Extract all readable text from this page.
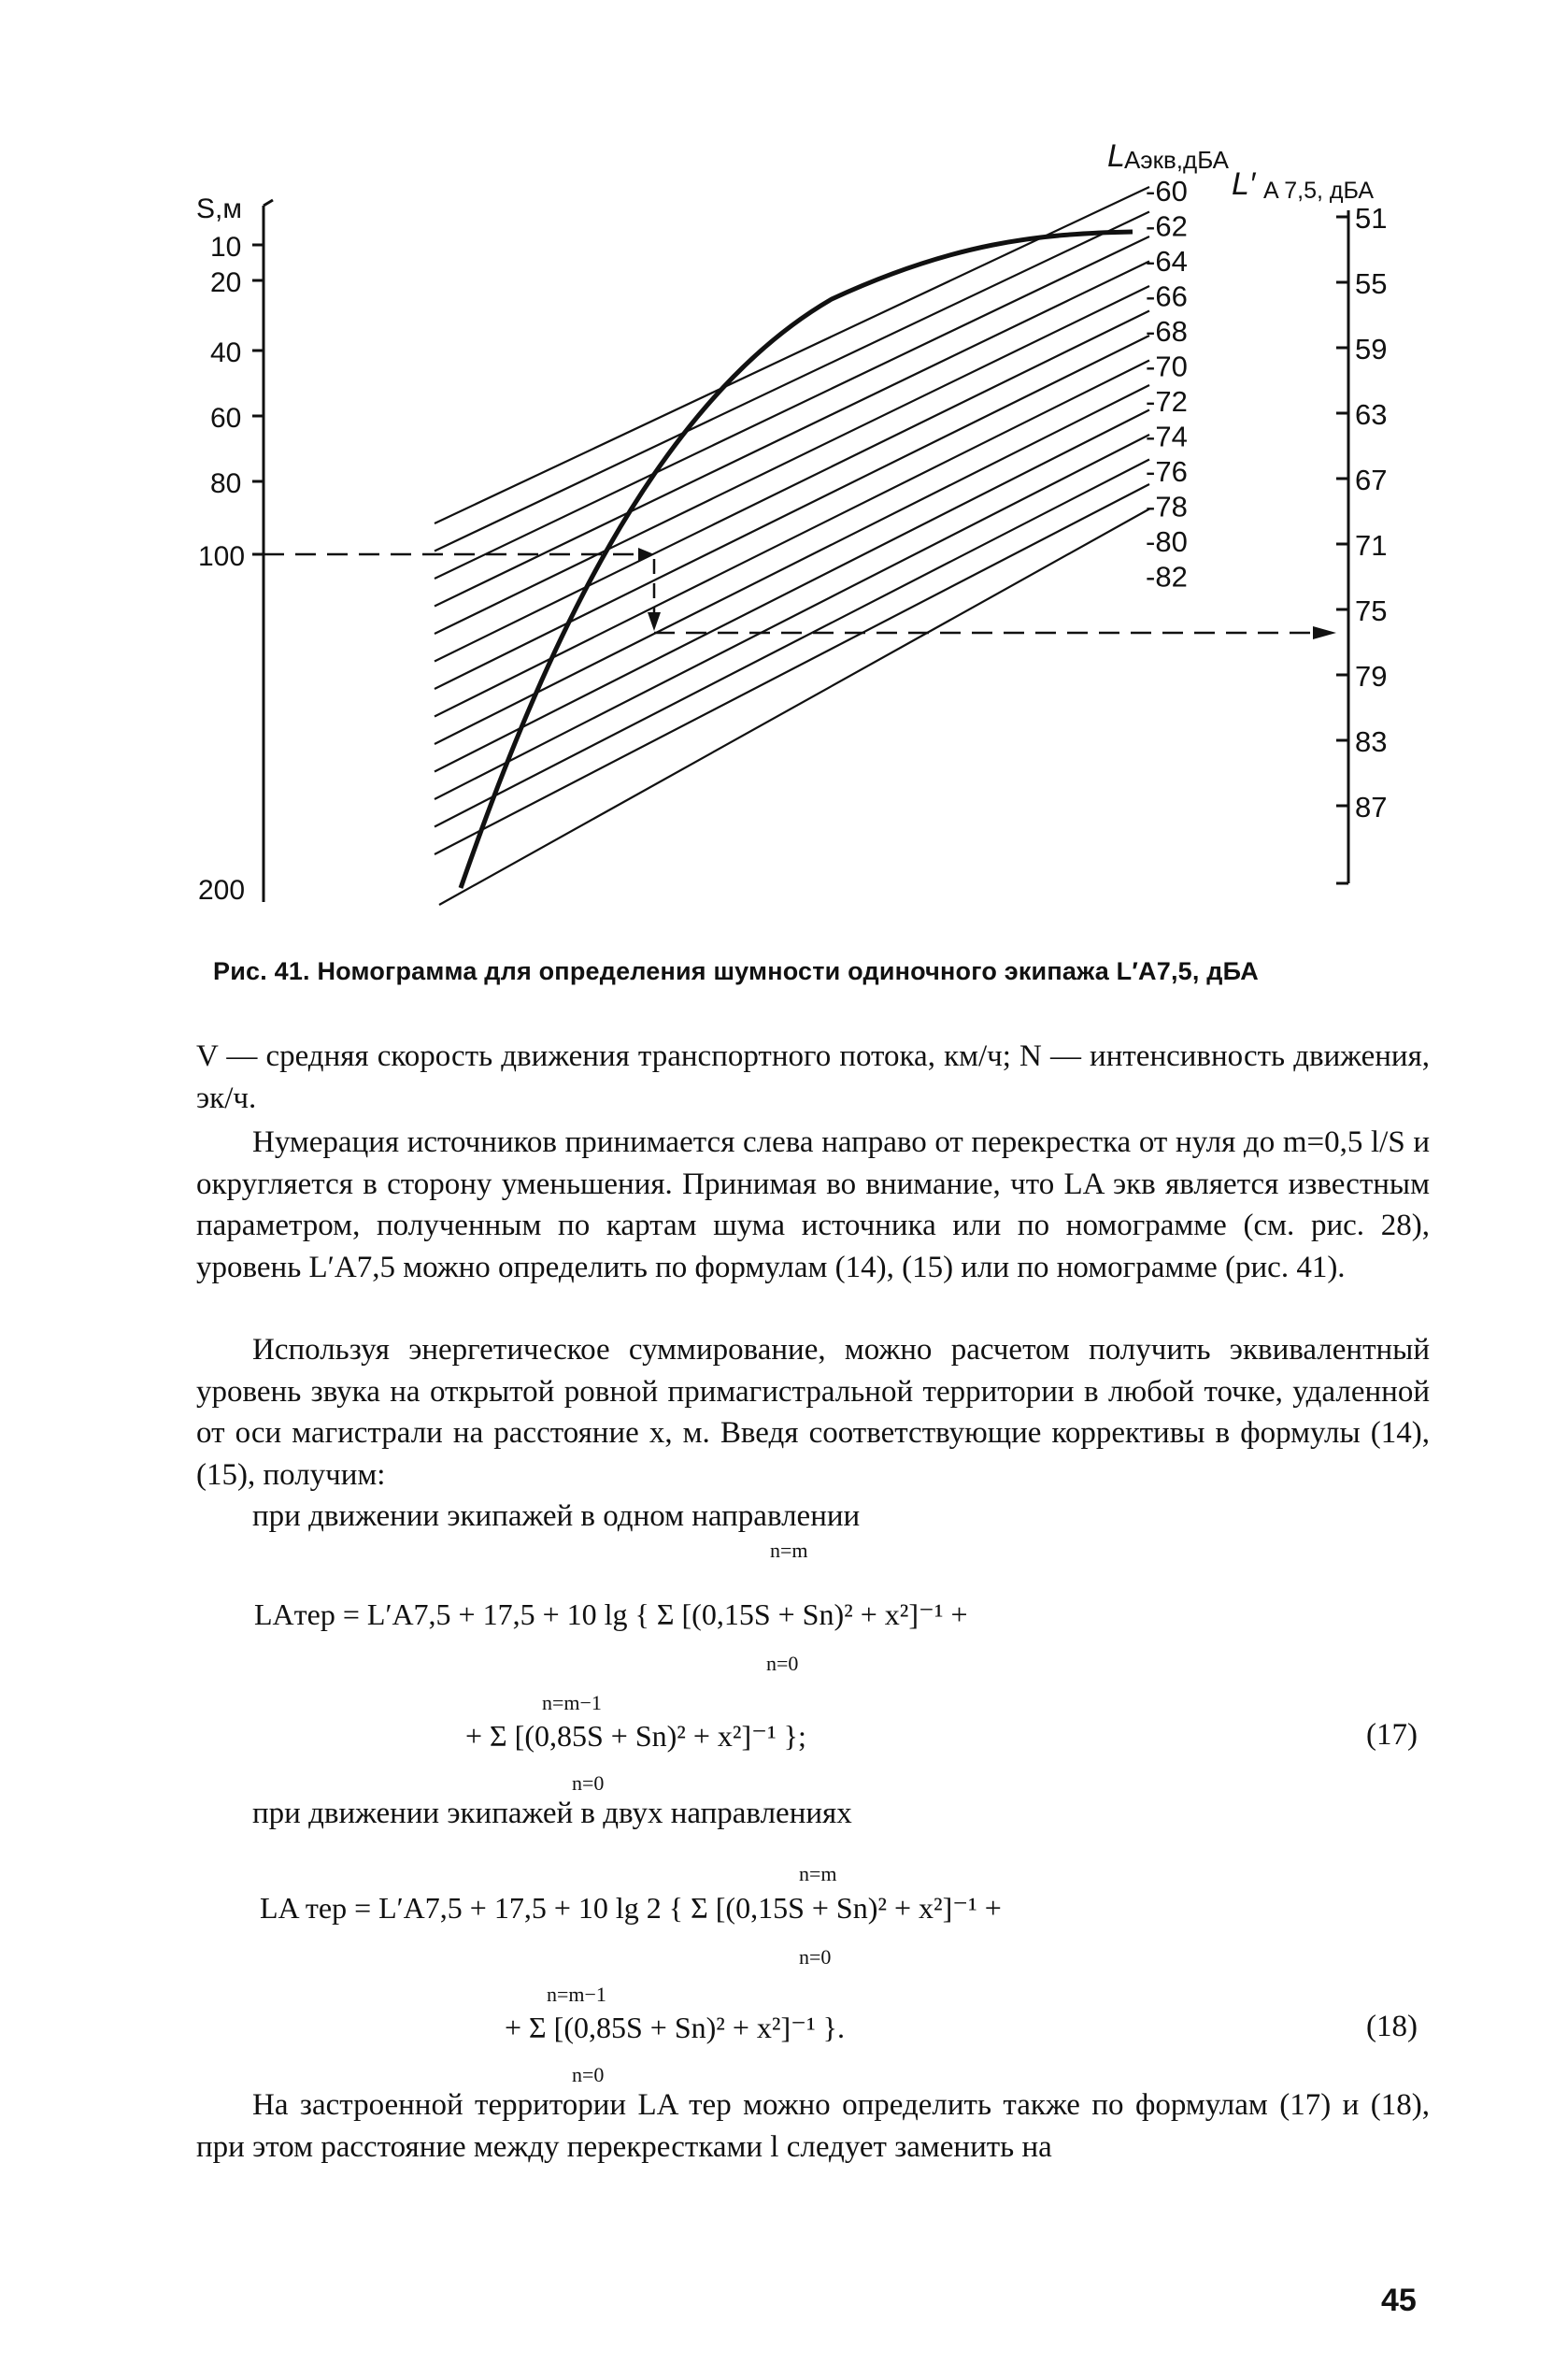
S,м
10
20
40
60
80
100
200
L Aэкв,дБА
-60
-62
-64
-66
-68
-70
-72
-74
-76
-78
-80
-82
L′ A 7,5, дБА
51
55
59
63
67
71
75
79
83
87
Рис. 41. Номограмма для определения шумности одиночного экипажа L′A7,5, дБА

V — средняя скорость движения транспортного потока, км/ч; N — интенсивность движения, эк/ч.

Нумерация источников принимается слева направо от перекрестка от нуля до m=0,5 l/S и округляется в сторону уменьшения. Принимая во внимание, что LA экв является известным параметром, полученным по картам шума источника или по номограмме (см. рис. 28), уровень L′A7,5 можно определить по формулам (14), (15) или по номограмме (рис. 41).

Используя энергетическое суммирование, можно расчетом получить эквивалентный уровень звука на открытой ровной примагистральной территории в любой точке, удаленной от оси магистрали на расстояние x, м. Введя соответствующие коррективы в формулы (14), (15), получим:

при движении экипажей в одном направлении

n=m
LAтер = L′A7,5 + 17,5 + 10 lg { Σ [(0,15S + Sn)² + x²]⁻¹ +
n=0
n=m−1
+ Σ [(0,85S + Sn)² + x²]⁻¹ };
n=0
(17)

при движении экипажей в двух направлениях

n=m
LA тер = L′A7,5 + 17,5 + 10 lg 2 { Σ [(0,15S + Sn)² + x²]⁻¹ +
n=0
n=m−1
+ Σ [(0,85S + Sn)² + x²]⁻¹ }.
n=0
(18)

На застроенной территории LA тер можно определить также по формулам (17) и (18), при этом расстояние между перекрестками l следует заменить на

45
